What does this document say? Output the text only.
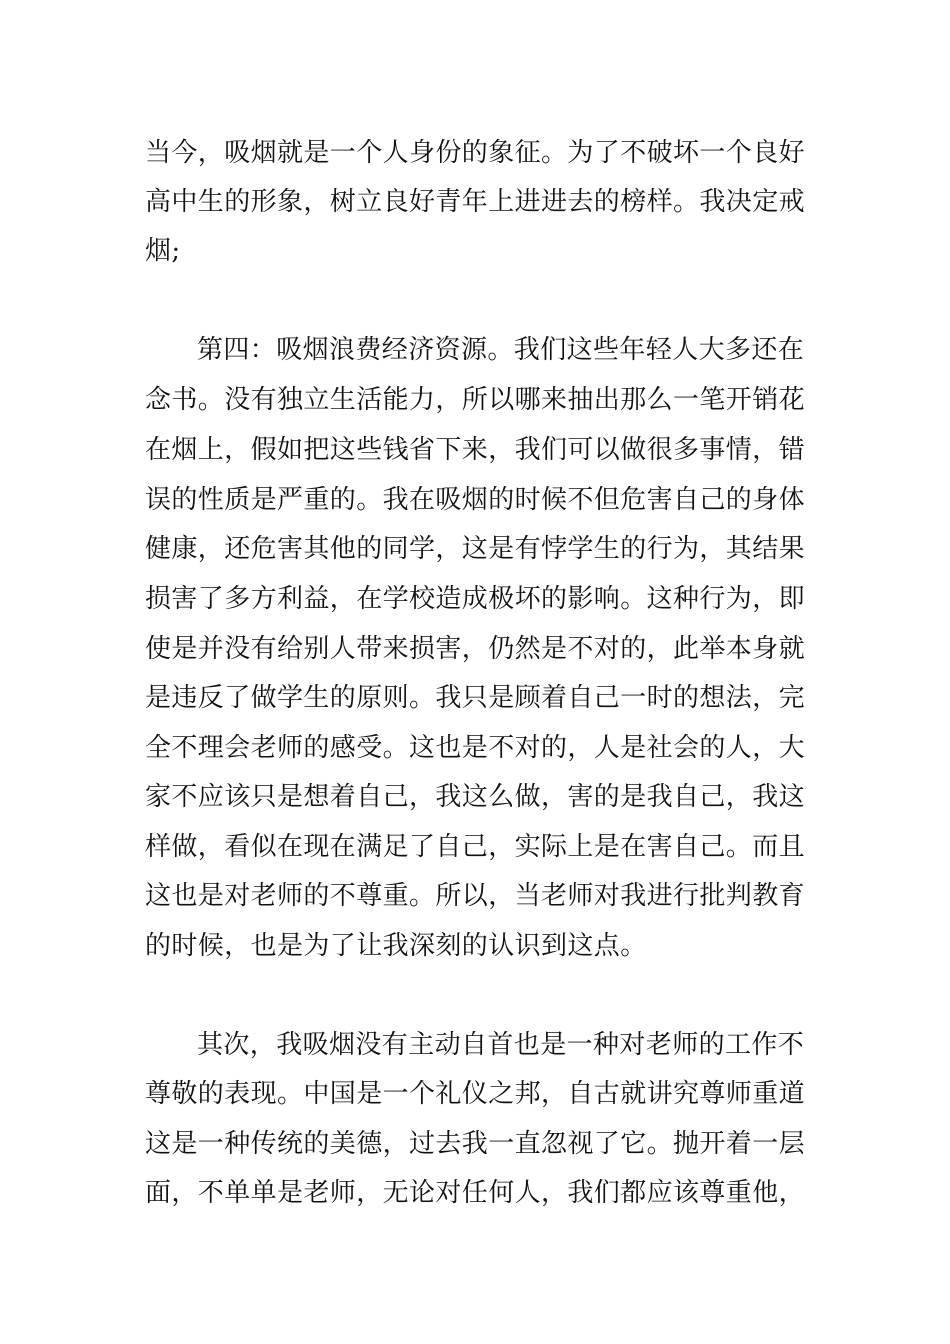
当今，吸烟就是一个人身份的象征。为了不破坏一个良好
高中生的形象，树立良好青年上进进去的榜样。我决定戒
烟;
第四：吸烟浪费经济资源。我们这些年轻人大多还在
念书。没有独立生活能力，所以哪来抽出那么一笔开销花
在烟上，假如把这些钱省下来，我们可以做很多事情，错
误的性质是严重的。我在吸烟的时候不但危害自己的身体
健康，还危害其他的同学，这是有悖学生的行为，其结果
损害了多方利益，在学校造成极坏的影响。这种行为，即
使是并没有给别人带来损害，仍然是不对的，此举本身就
是违反了做学生的原则。我只是顾着自己一时的想法，完
全不理会老师的感受。这也是不对的，人是社会的人，大
家不应该只是想着自己，我这么做，害的是我自己，我这
样做，看似在现在满足了自己，实际上是在害自己。而且
这也是对老师的不尊重。所以，当老师对我进行批判教育
的时候，也是为了让我深刻的认识到这点。
其次，我吸烟没有主动自首也是一种对老师的工作不
尊敬的表现。中国是一个礼仪之邦，自古就讲究尊师重道
这是一种传统的美德，过去我一直忽视了它。抛开着一层
面，不单单是老师，无论对任何人，我们都应该尊重他，
